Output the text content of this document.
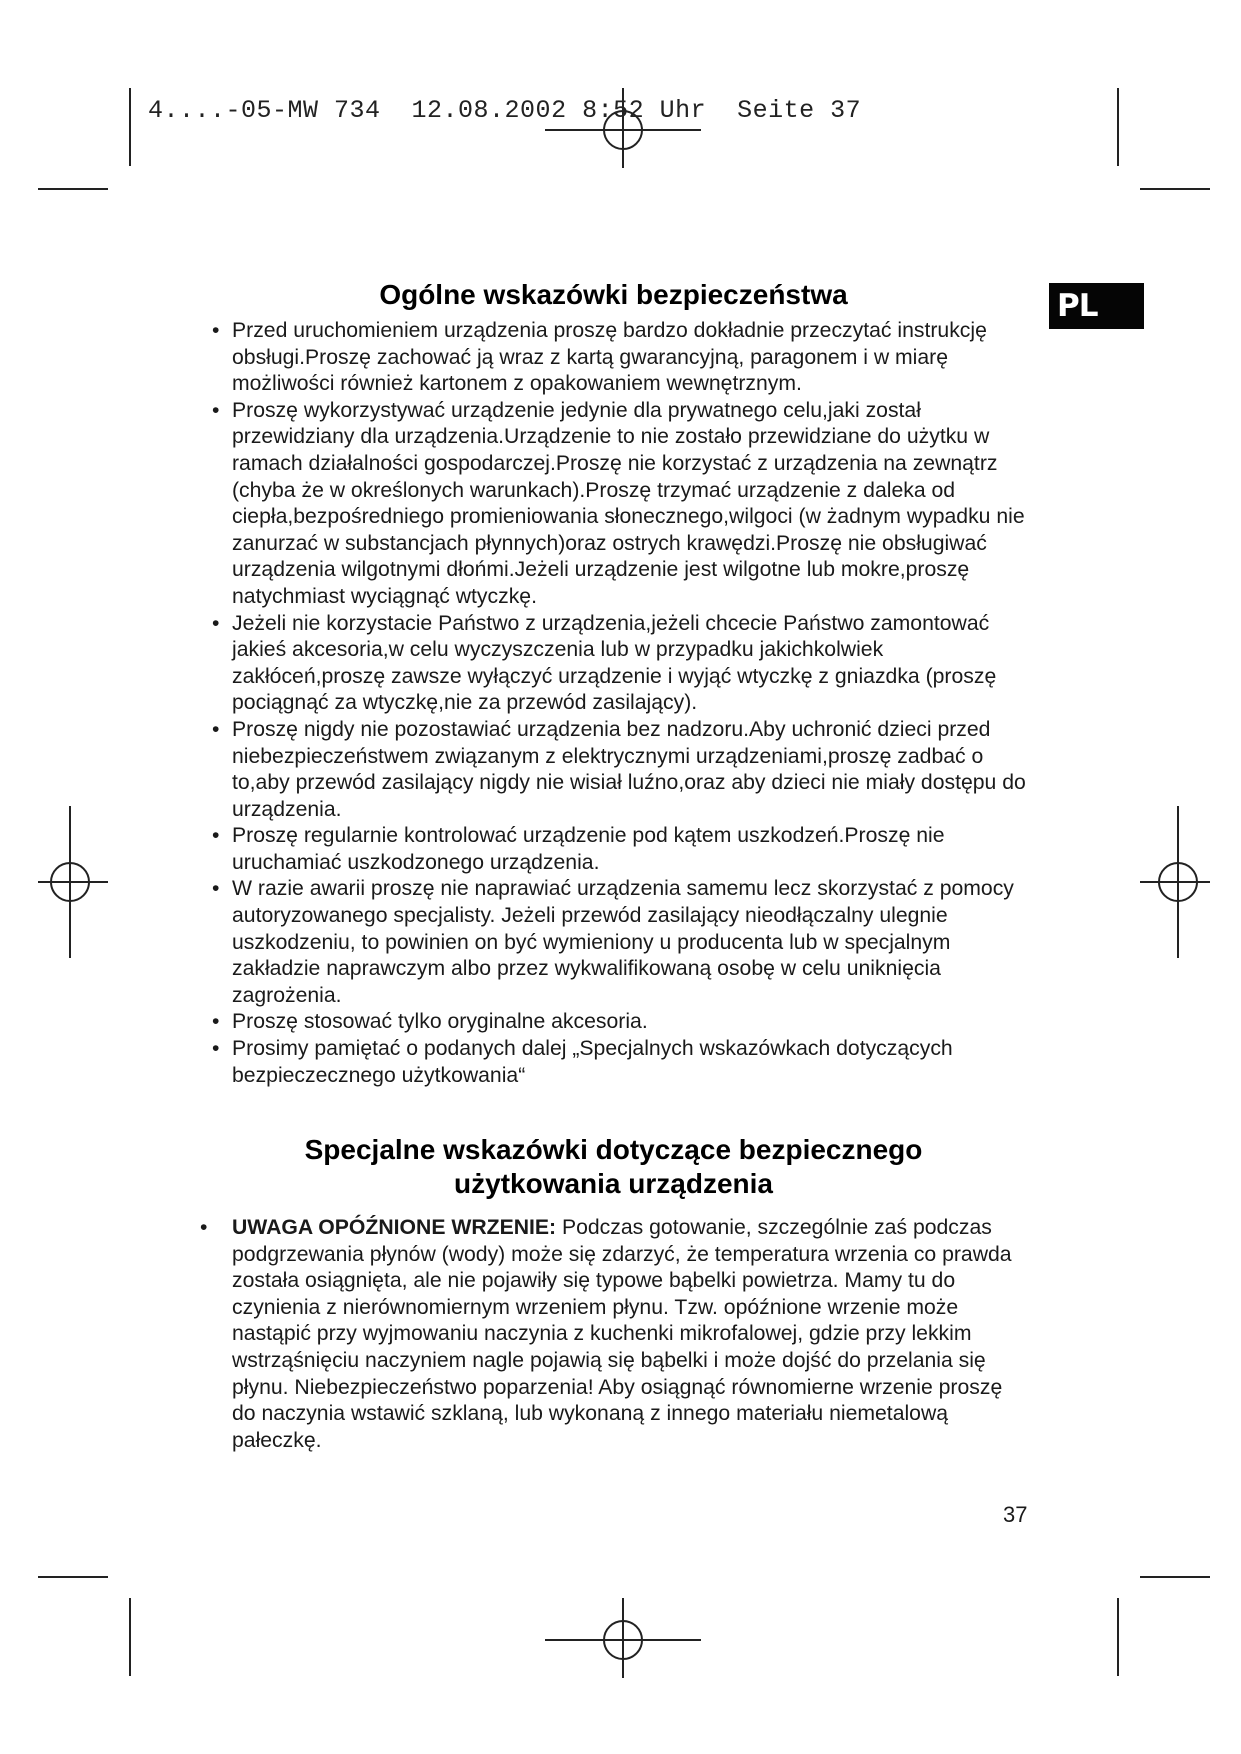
4....-05-MW 734  12.08.2002 8:52 Uhr  Seite 37
PL
Ogólne wskazówki bezpieczeństwa
• Przed uruchomieniem urządzenia proszę bardzo dokładnie przeczytać instrukcję obsługi.Proszę zachować ją wraz z kartą gwarancyjną, paragonem i w miarę możliwości również kartonem z opakowaniem wewnętrznym.
• Proszę wykorzystywać urządzenie jedynie dla prywatnego celu,jaki został przewidziany dla urządzenia.Urządzenie to nie zostało przewidziane do użytku w ramach działalności gospodarczej.Proszę nie korzystać z urządzenia na zewnątrz (chyba że w określonych warunkach).Proszę trzymać urządzenie z daleka od ciepła,bezpośredniego promieniowania słonecznego,wilgoci (w żadnym wypadku nie zanurzać w substancjach płynnych)oraz ostrych krawędzi.Proszę nie obsługiwać urządzenia wilgotnymi dłońmi.Jeżeli urządzenie jest wilgotne lub mokre,proszę natychmiast wyciągnąć wtyczkę.
• Jeżeli nie korzystacie Państwo z urządzenia,jeżeli chcecie Państwo zamontować jakieś akcesoria,w celu wyczyszczenia lub w przypadku jakichkolwiek zakłóceń,proszę zawsze wyłączyć urządzenie i wyjąć wtyczkę z gniazdka (proszę pociągnąć za wtyczkę,nie za przewód zasilający).
• Proszę nigdy nie pozostawiać urządzenia bez nadzoru.Aby uchronić dzieci przed niebezpieczeństwem związanym z elektrycznymi urządzeniami,proszę zadbać o to,aby przewód zasilający nigdy nie wisiał luźno,oraz aby dzieci nie miały dostępu do urządzenia.
• Proszę regularnie kontrolować urządzenie pod kątem uszkodzeń.Proszę nie uruchamiać uszkodzonego urządzenia.
• W razie awarii proszę nie naprawiać urządzenia samemu lecz skorzystać z pomocy autoryzowanego specjalisty. Jeżeli przewód zasilający nieodłączalny ulegnie uszkodzeniu, to powinien on być wymieniony u producenta lub w specjalnym zakładzie naprawczym albo przez wykwalifikowaną osobę w celu uniknięcia zagrożenia.
• Proszę stosować tylko oryginalne akcesoria.
• Prosimy pamiętać o podanych dalej „Specjalnych wskazówkach dotyczących bezpieczecznego użytkowania“
Specjalne wskazówki dotyczące bezpiecznego
użytkowania urządzenia
• UWAGA OPÓŹNIONE WRZENIE: Podczas gotowanie, szczególnie zaś podczas podgrzewania płynów (wody) może się zdarzyć, że temperatura wrzenia co prawda została osiągnięta, ale nie pojawiły się typowe bąbelki powietrza. Mamy tu do czynienia z nierównomiernym wrzeniem płynu. Tzw. opóźnione wrzenie może nastąpić przy wyjmowaniu naczynia z kuchenki mikrofalowej, gdzie przy lekkim wstrząśnięciu naczyniem nagle pojawią się bąbelki i może dojść do przelania się płynu. Niebezpieczeństwo poparzenia! Aby osiągnąć równomierne wrzenie proszę do naczynia wstawić szklaną, lub wykonaną z innego materiału niemetalową pałeczkę.
37
